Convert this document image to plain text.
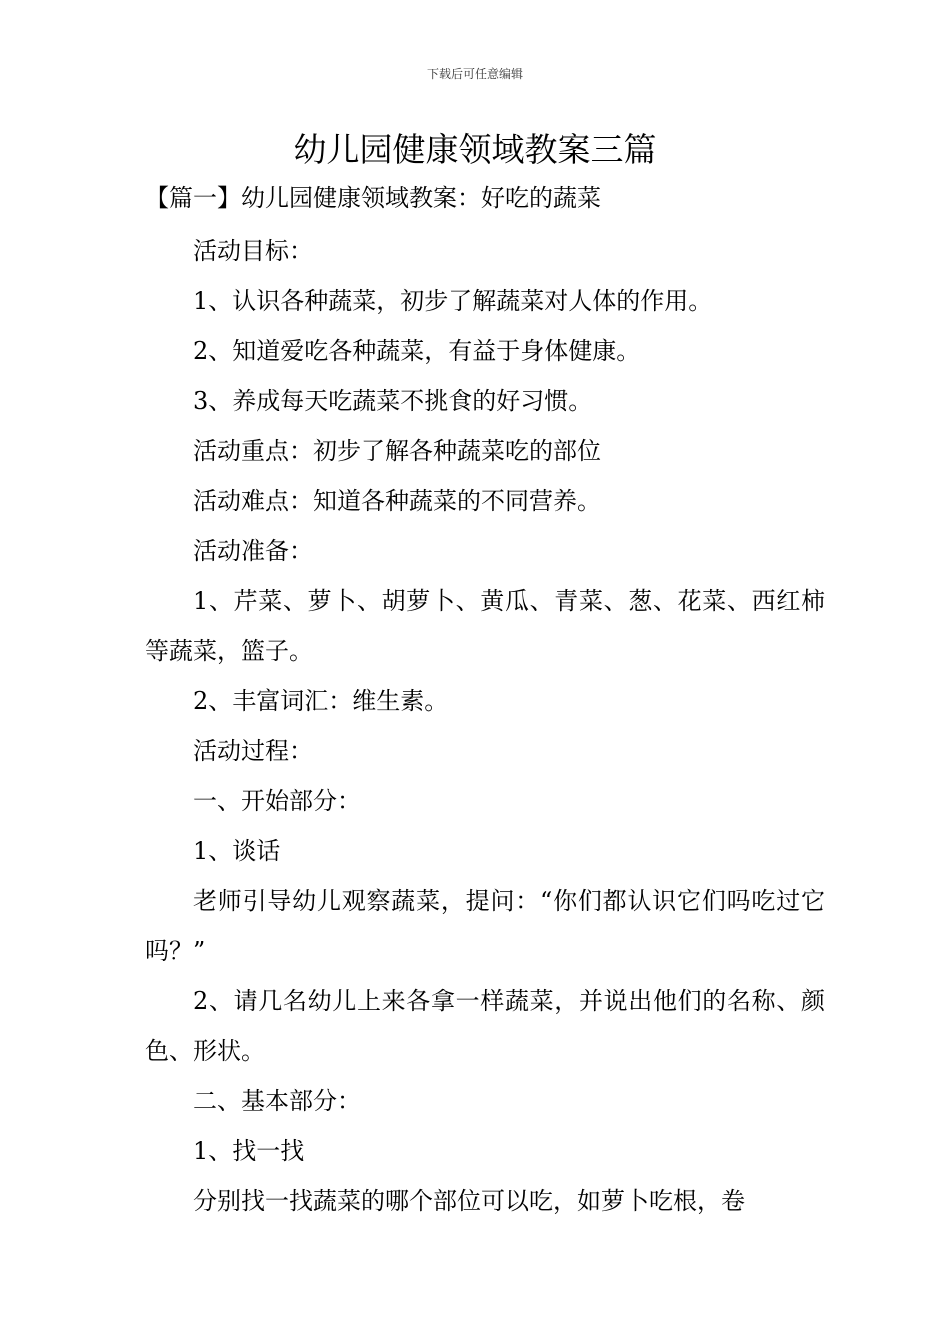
下载后可任意编辑
幼儿园健康领域教案三篇
【篇一】幼儿园健康领域教案：好吃的蔬菜

活动目标：

1、认识各种蔬菜，初步了解蔬菜对人体的作用。

2、知道爱吃各种蔬菜，有益于身体健康。

3、养成每天吃蔬菜不挑食的好习惯。

活动重点：初步了解各种蔬菜吃的部位

活动难点：知道各种蔬菜的不同营养。

活动准备：

1、芹菜、萝卜、胡萝卜、黄瓜、青菜、葱、花菜、西红柿等蔬菜，篮子。

2、丰富词汇：维生素。

活动过程：

一、开始部分：

1、谈话

老师引导幼儿观察蔬菜，提问：“你们都认识它们吗吃过它吗？”

2、请几名幼儿上来各拿一样蔬菜，并说出他们的名称、颜色、形状。

二、基本部分：

1、找一找

分别找一找蔬菜的哪个部位可以吃，如萝卜吃根，卷
